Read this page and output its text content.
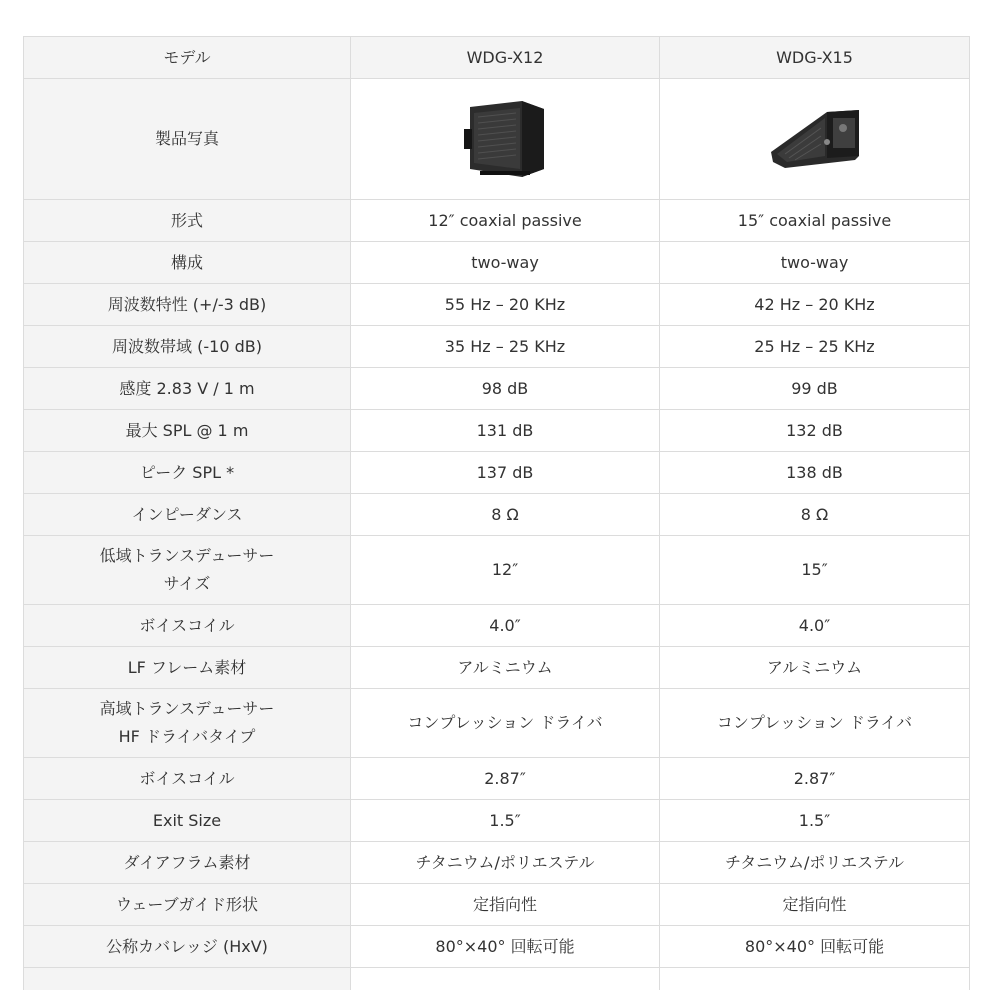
モデル	WDG-X12	WDG-X15
製品写真	

形式	12″ coaxial passive	15″ coaxial passive
構成	two-way	two-way
周波数特性 (+/-3 dB)	55 Hz – 20 KHz	42 Hz – 20 KHz
周波数帯域 (-10 dB)	35 Hz – 25 KHz	25 Hz – 25 KHz
感度 2.83 V / 1 m	98 dB	99 dB
最大 SPL @ 1 m	131 dB	132 dB
ピーク SPL *	137 dB	138 dB
インピーダンス	8 Ω	8 Ω

低域トランスデューサー
サイズ	12″	15″
ボイスコイル	4.0″	4.0″
LF フレーム素材	アルミニウム	アルミニウム

高域トランスデューサー
HF ドライバタイプ	コンプレッション ドライバ	コンプレッション ドライバ
ボイスコイル	2.87″	2.87″
Exit Size	1.5″	1.5″
ダイアフラム素材	チタニウム/ポリエステル	チタニウム/ポリエステル
ウェーブガイド形状	定指向性	定指向性
公称カバレッジ (HxV)	80°×40° 回転可能	80°×40° 回転可能
